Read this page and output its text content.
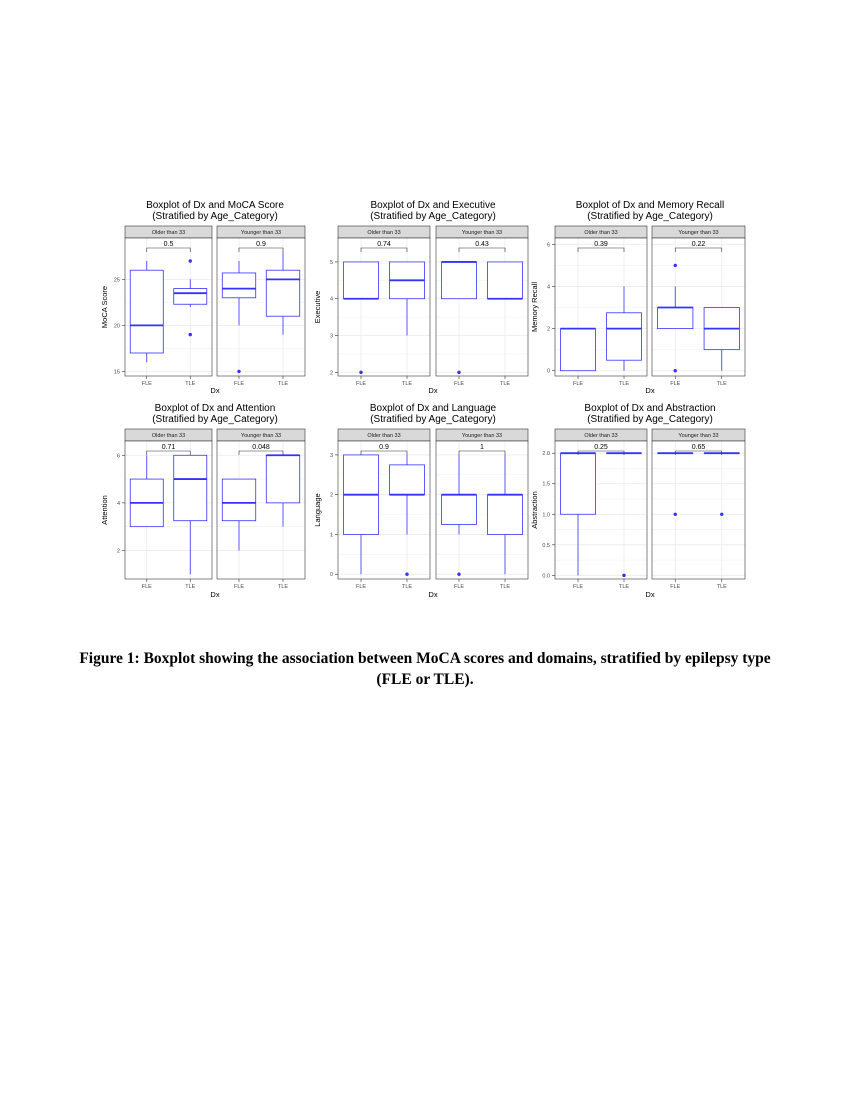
Boxplot of Dx and MoCA Score
(Stratified by Age_Category)
15
20
25
MoCA Score
Dx
Older than 33
FLE	TLE
0.5
Younger than 33
FLE	TLE
0.9
Boxplot of Dx and Executive
(Stratified by Age_Category)
2
3
4
5
Executive
Dx
Older than 33
FLE	TLE
0.74
Younger than 33
FLE	TLE
0.43
Boxplot of Dx and Memory Recall
(Stratified by Age_Category)
0
2
4
6
Memory Recall
Dx
Older than 33
FLE	TLE
0.39
Younger than 33
FLE	TLE
0.22
Boxplot of Dx and Attention
(Stratified by Age_Category)
2
4
6
Attention
Dx
Older than 33
FLE	TLE
0.71
Younger than 33
FLE	TLE
0.048
Boxplot of Dx and Language
(Stratified by Age_Category)
0
1
2
3
Language
Dx
Older than 33
FLE	TLE
0.9
Younger than 33
FLE	TLE
1
Boxplot of Dx and Abstraction
(Stratified by Age_Category)
0.0
0.5
1.0
1.5
2.0
Abstraction
Dx
Older than 33
FLE	TLE
0.25
Younger than 33
FLE	TLE
0.65
Figure 1: Boxplot showing the association between MoCA scores and domains, stratified by epilepsy type (FLE or TLE).
